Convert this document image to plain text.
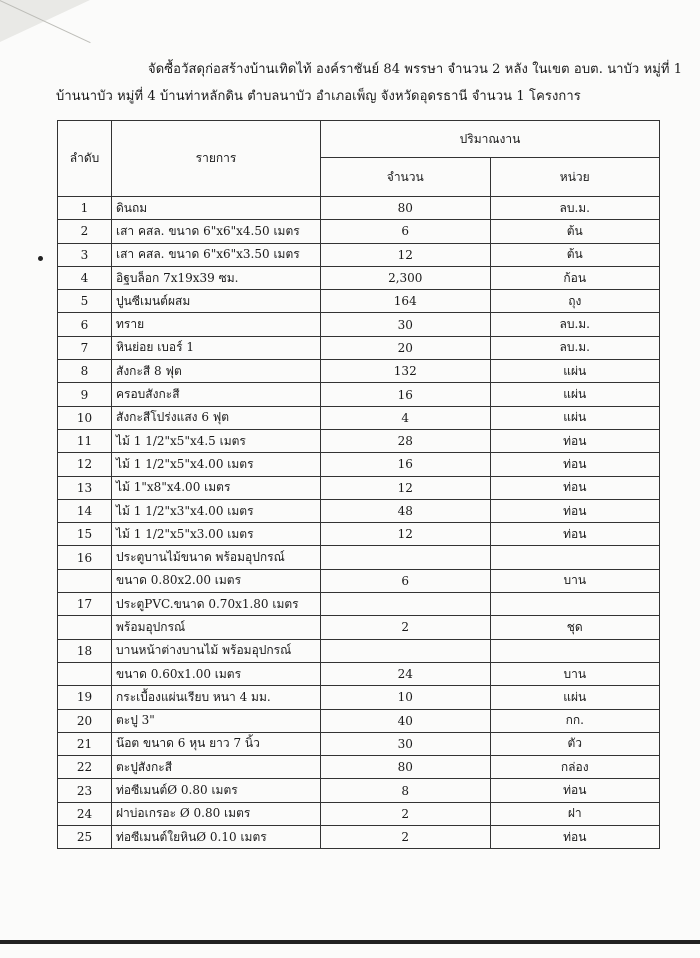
จัดซื้อวัสดุก่อสร้างบ้านเทิดไท้ องค์ราชันย์ 84 พรรษา จำนวน 2 หลัง ในเขต อบต. นาบัว หมู่ที่ 1
บ้านนาบัว หมู่ที่ 4 บ้านท่าหลักดิน ตำบลนาบัว อำเภอเพ็ญ จังหวัดอุดรธานี จำนวน 1 โครงการ
ลำดับ	รายการ	ปริมาณงาน	
		จำนวน	หน่วย
1	ดินถม	80	ลบ.ม.
2	เสา คสล. ขนาด 6"x6"x4.50 เมตร	6	ต้น
3	เสา คสล. ขนาด 6"x6"x3.50 เมตร	12	ต้น
4	อิฐบล็อก 7x19x39 ซม.	2,300	ก้อน
5	ปูนซีเมนต์ผสม	164	ถุง
6	ทราย	30	ลบ.ม.
7	หินย่อย เบอร์ 1	20	ลบ.ม.
8	สังกะสี 8 ฟุต	132	แผ่น
9	ครอบสังกะสี	16	แผ่น
10	สังกะสีโปร่งแสง 6 ฟุต	4	แผ่น
11	ไม้ 1 1/2"x5"x4.5 เมตร	28	ท่อน
12	ไม้ 1 1/2"x5"x4.00 เมตร	16	ท่อน
13	ไม้ 1"x8"x4.00 เมตร	12	ท่อน
14	ไม้ 1 1/2"x3"x4.00 เมตร	48	ท่อน
15	ไม้ 1 1/2"x5"x3.00 เมตร	12	ท่อน
16	ประตูบานไม้ขนาด พร้อมอุปกรณ์		
	ขนาด 0.80x2.00 เมตร	6	บาน
17	ประตูPVC.ขนาด 0.70x1.80 เมตร		
	พร้อมอุปกรณ์	2	ชุด
18	บานหน้าต่างบานไม้ พร้อมอุปกรณ์		
	ขนาด 0.60x1.00 เมตร	24	บาน
19	กระเบื้องแผ่นเรียบ หนา 4 มม.	10	แผ่น
20	ตะปู 3"	40	กก.
21	น๊อต ขนาด 6 หุน ยาว 7 นิ้ว	30	ตัว
22	ตะปูสังกะสี	80	กล่อง
23	ท่อซีเมนต์Ø 0.80 เมตร	8	ท่อน
24	ฝาบ่อเกรอะ Ø 0.80 เมตร	2	ฝา
25	ท่อซีเมนต์ใยหินØ 0.10 เมตร	2	ท่อน
